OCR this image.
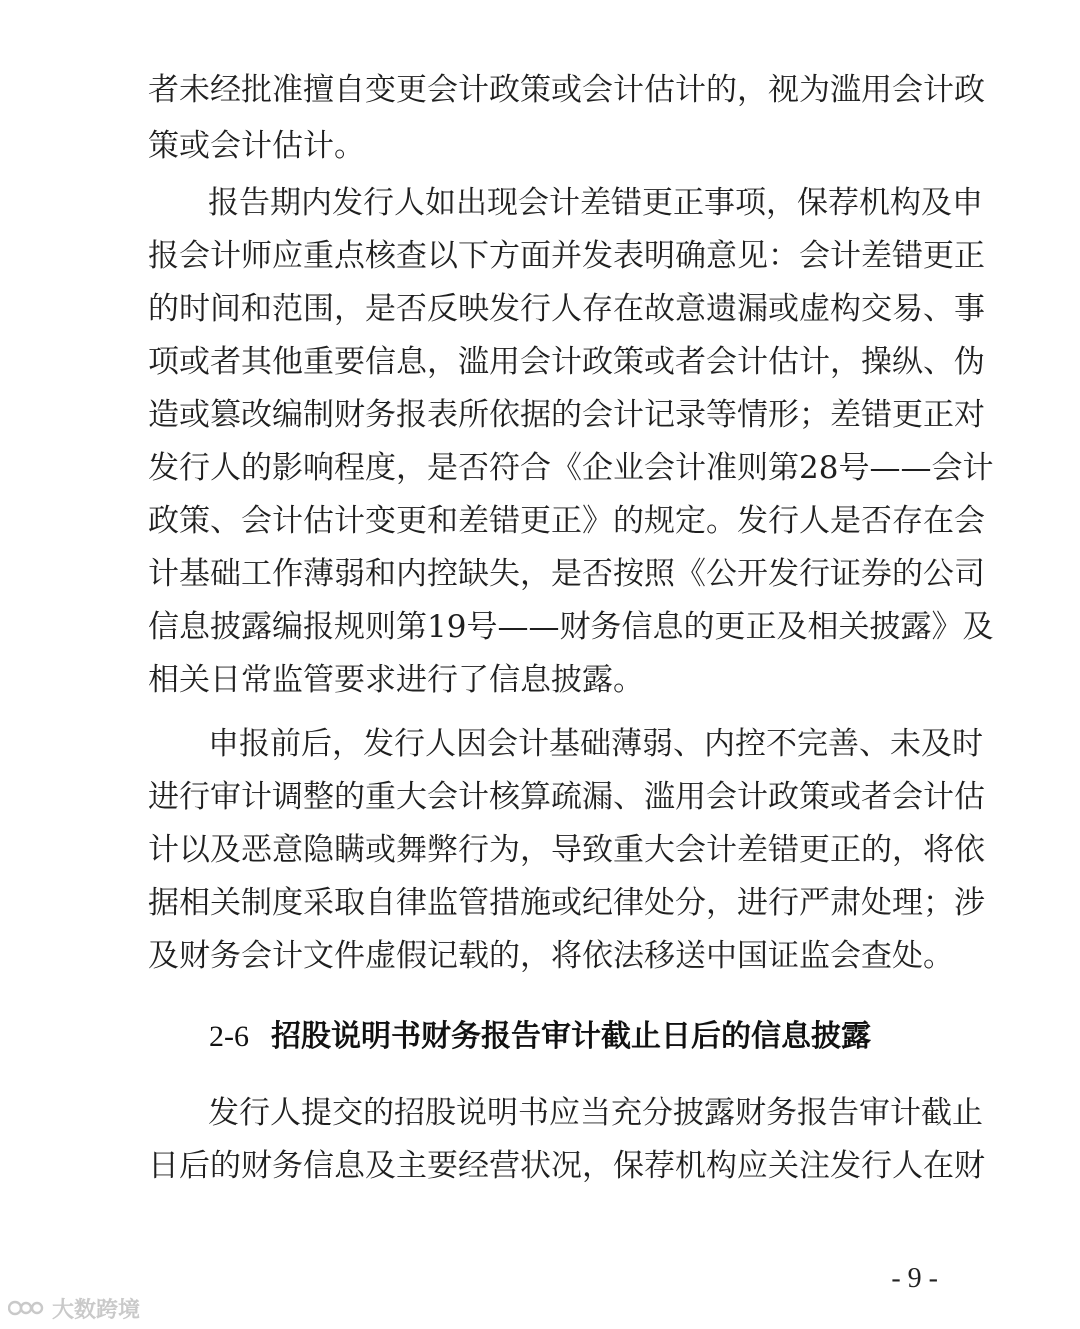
者未经批准擅自变更会计政策或会计估计的，视为滥用会计政
策或会计估计。
报告期内发行人如出现会计差错更正事项，保荐机构及申
报会计师应重点核查以下方面并发表明确意见：会计差错更正
的时间和范围，是否反映发行人存在故意遗漏或虚构交易、事
项或者其他重要信息，滥用会计政策或者会计估计，操纵、伪
造或篡改编制财务报表所依据的会计记录等情形；差错更正对
发行人的影响程度，是否符合《企业会计准则第28号——会计
政策、会计估计变更和差错更正》的规定。发行人是否存在会
计基础工作薄弱和内控缺失，是否按照《公开发行证券的公司
信息披露编报规则第19号——财务信息的更正及相关披露》及
相关日常监管要求进行了信息披露。
申报前后，发行人因会计基础薄弱、内控不完善、未及时
进行审计调整的重大会计核算疏漏、滥用会计政策或者会计估
计以及恶意隐瞒或舞弊行为，导致重大会计差错更正的，将依
据相关制度采取自律监管措施或纪律处分，进行严肃处理；涉
及财务会计文件虚假记载的，将依法移送中国证监会查处。
2-6 招股说明书财务报告审计截止日后的信息披露
发行人提交的招股说明书应当充分披露财务报告审计截止
日后的财务信息及主要经营状况，保荐机构应关注发行人在财
- 9 -
大数跨境
